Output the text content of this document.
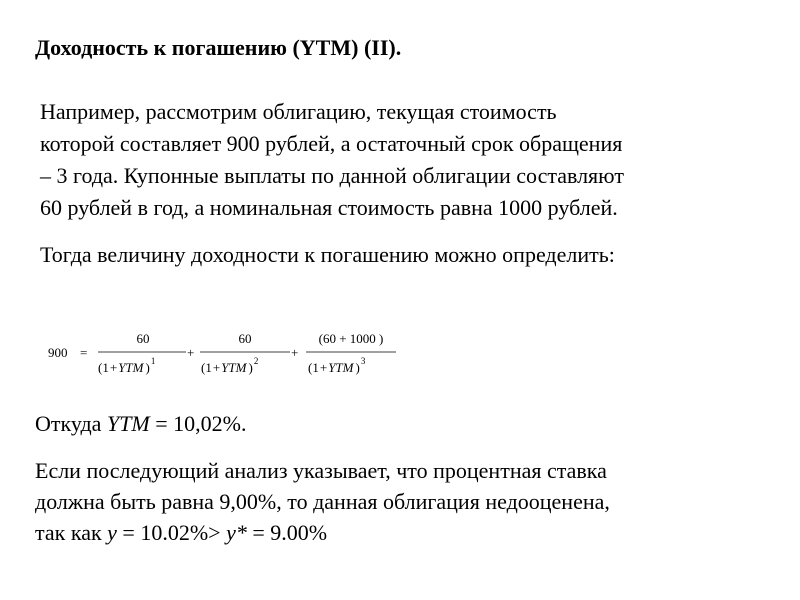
Доходность к погашению (YTM) (II).
Например, рассмотрим облигацию, текущая стоимость
которой составляет 900 рублей, а остаточный срок обращения
– 3 года. Купонные выплаты по данной облигации составляют
60 рублей в год, а номинальная стоимость равна 1000 рублей.
Тогда величину доходности к погашению можно определить:
900 =
60
(1+YTM )$^1$
+
60
(1+YTM )$^2$
+
(60 + 1000 )
(1+YTM )$^3$
Откуда YTM = 10,02%.
Если последующий анализ указывает, что процентная ставка
должна быть равна 9,00%, то данная облигация недооценена,
так как y = 10.02%> y* = 9.00%
